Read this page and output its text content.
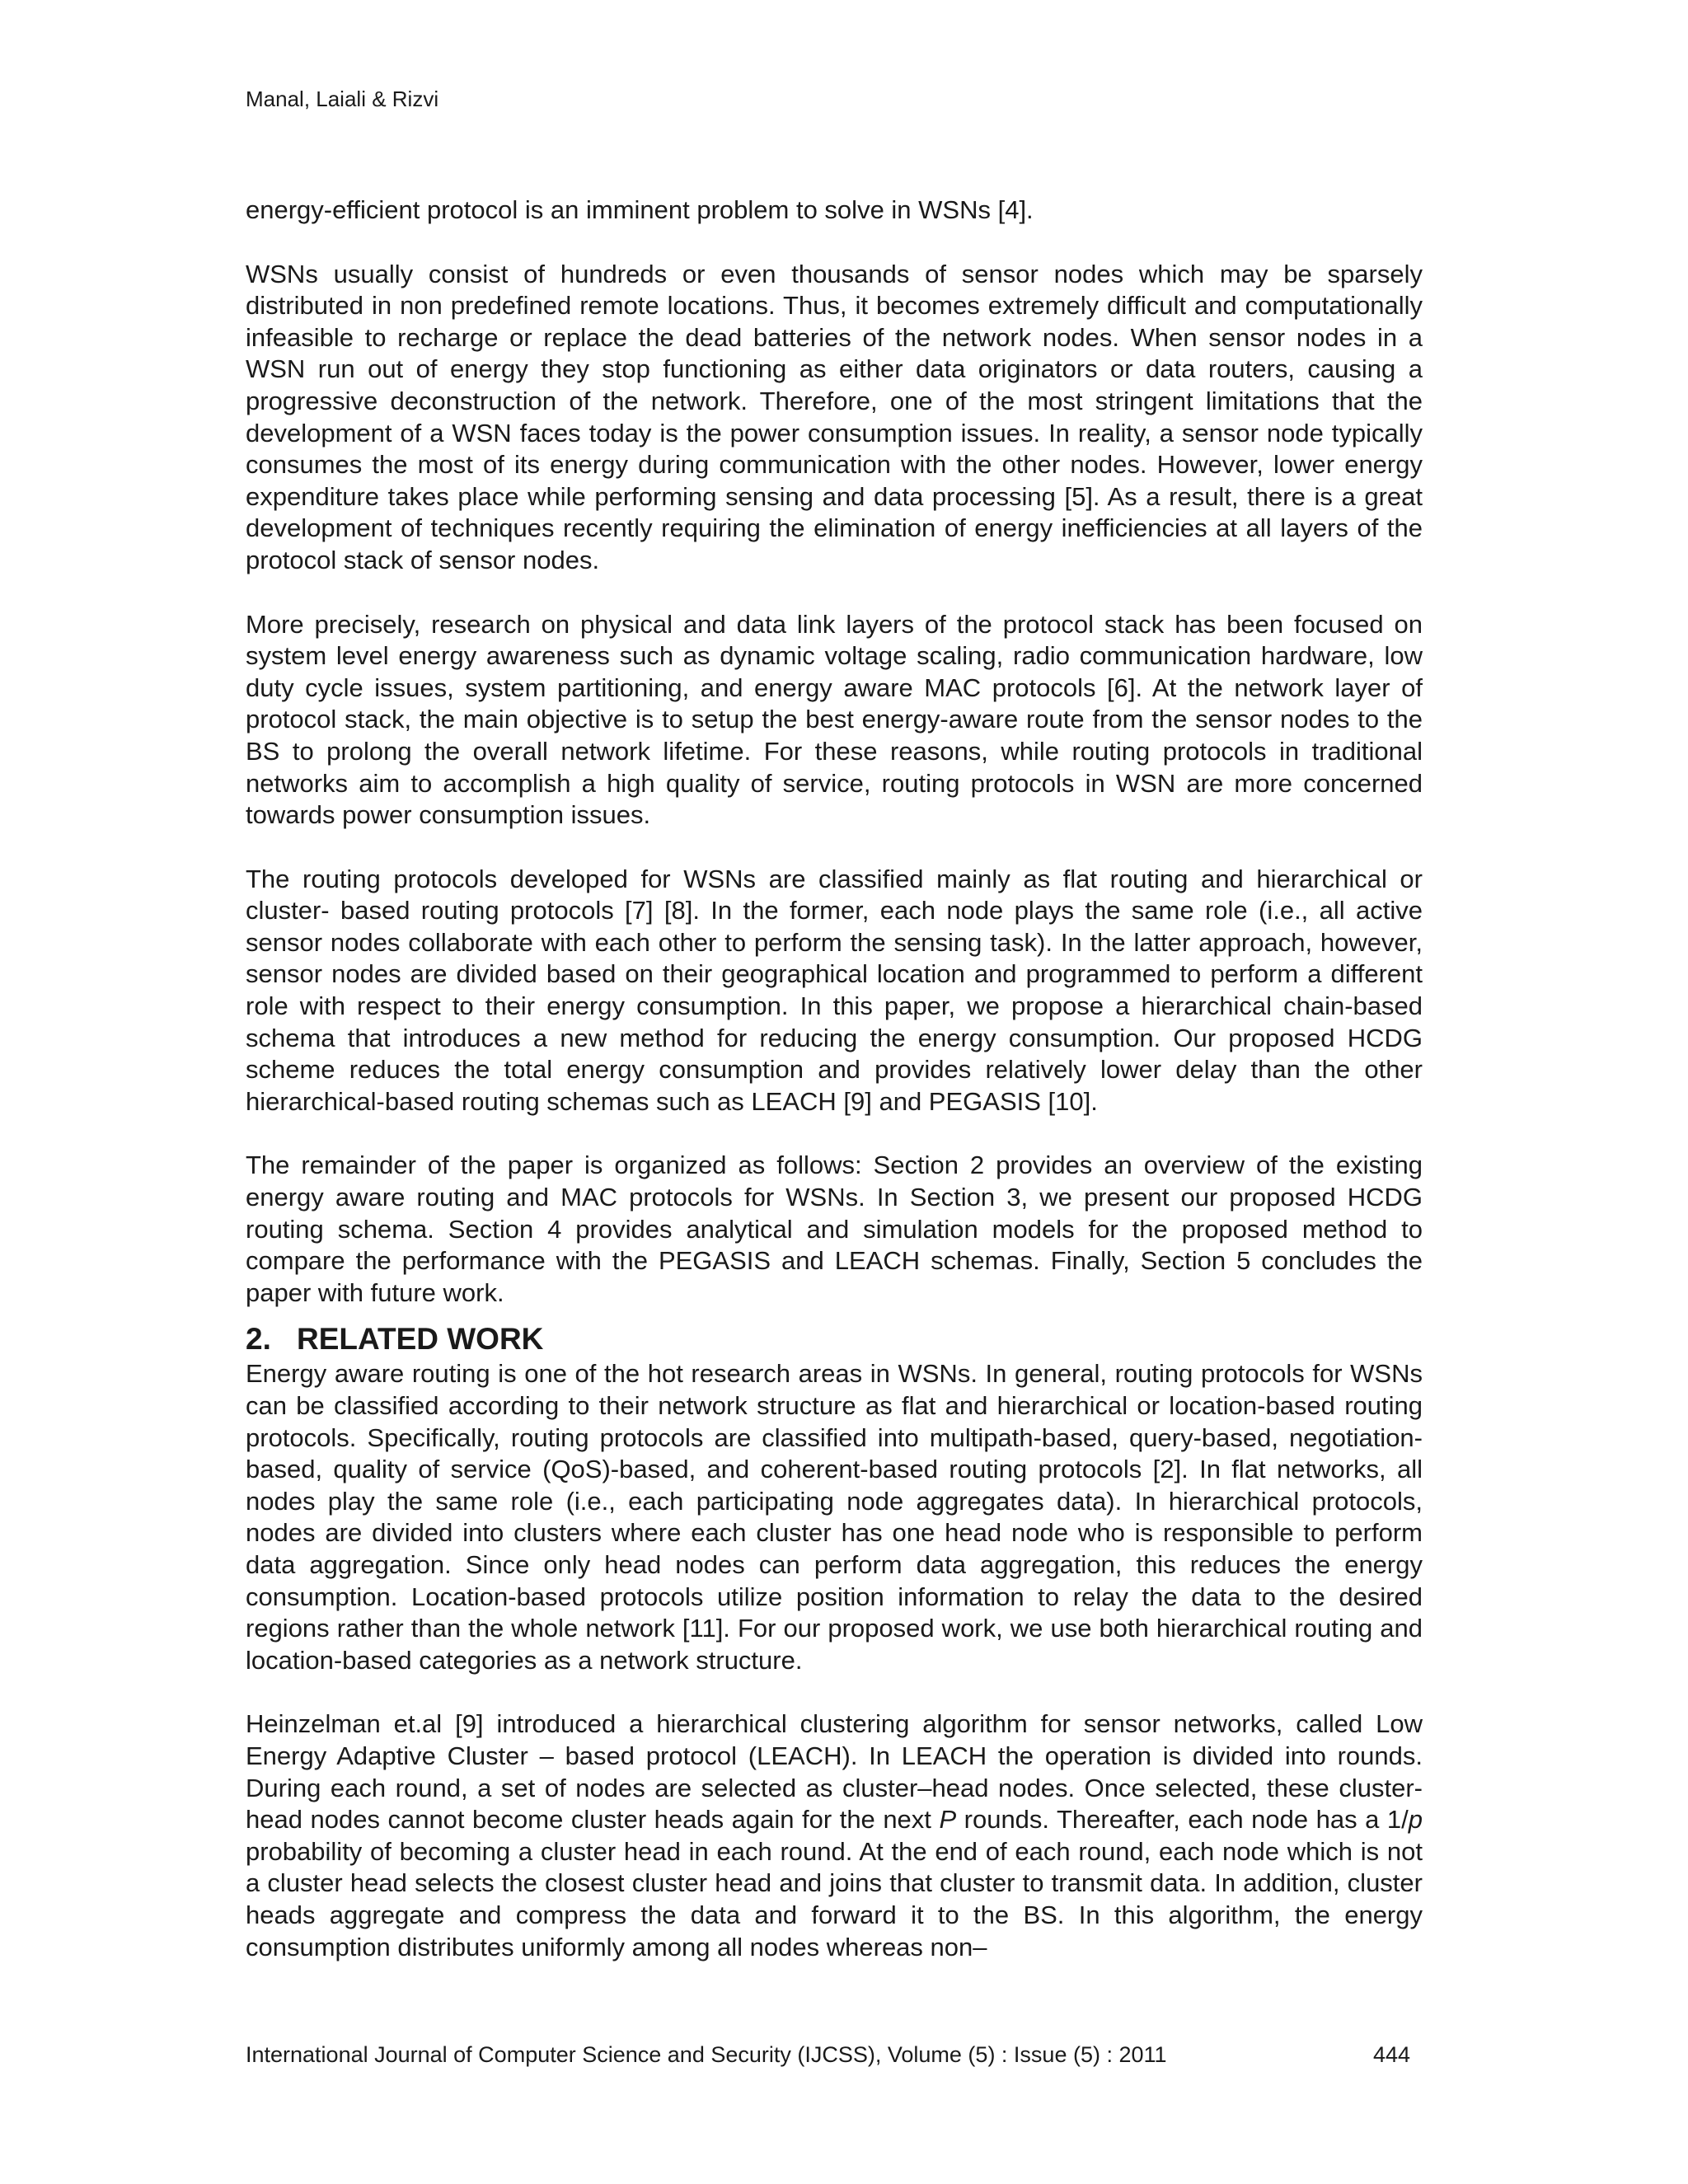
Manal, Laiali & Rizvi

energy-efficient protocol is an imminent problem to solve in WSNs [4].

WSNs usually consist of hundreds or even thousands of sensor nodes which may be sparsely distributed in non predefined remote locations. Thus, it becomes extremely difficult and computationally infeasible to recharge or replace the dead batteries of the network nodes. When sensor nodes in a WSN run out of energy they stop functioning as either data originators or data routers, causing a progressive deconstruction of the network. Therefore, one of the most stringent limitations that the development of a WSN faces today is the power consumption issues. In reality, a sensor node typically consumes the most of its energy during communication with the other nodes. However, lower energy expenditure takes place while performing sensing and data processing [5]. As a result, there is a great development of techniques recently requiring the elimination of energy inefficiencies at all layers of the protocol stack of sensor nodes.

More precisely, research on physical and data link layers of the protocol stack has been focused on system level energy awareness such as dynamic voltage scaling, radio communication hardware, low duty cycle issues, system partitioning, and energy aware MAC protocols [6]. At the network layer of protocol stack, the main objective is to setup the best energy-aware route from the sensor nodes to the BS to prolong the overall network lifetime. For these reasons, while routing protocols in traditional networks aim to accomplish a high quality of service, routing protocols in WSN are more concerned towards power consumption issues.

The routing protocols developed for WSNs are classified mainly as flat routing and hierarchical or cluster- based routing protocols [7] [8]. In the former, each node plays the same role (i.e., all active sensor nodes collaborate with each other to perform the sensing task). In the latter approach, however, sensor nodes are divided based on their geographical location and programmed to perform a different role with respect to their energy consumption. In this paper, we propose a hierarchical chain-based schema that introduces a new method for reducing the energy consumption. Our proposed HCDG scheme reduces the total energy consumption and provides relatively lower delay than the other hierarchical-based routing schemas such as LEACH [9] and PEGASIS [10].

The remainder of the paper is organized as follows: Section 2 provides an overview of the existing energy aware routing and MAC protocols for WSNs. In Section 3, we present our proposed HCDG routing schema. Section 4 provides analytical and simulation models for the proposed method to compare the performance with the PEGASIS and LEACH schemas. Finally, Section 5 concludes the paper with future work.

2. RELATED WORK

Energy aware routing is one of the hot research areas in WSNs. In general, routing protocols for WSNs can be classified according to their network structure as flat and hierarchical or location-based routing protocols. Specifically, routing protocols are classified into multipath-based, query-based, negotiation-based, quality of service (QoS)-based, and coherent-based routing protocols [2]. In flat networks, all nodes play the same role (i.e., each participating node aggregates data). In hierarchical protocols, nodes are divided into clusters where each cluster has one head node who is responsible to perform data aggregation. Since only head nodes can perform data aggregation, this reduces the energy consumption. Location-based protocols utilize position information to relay the data to the desired regions rather than the whole network [11]. For our proposed work, we use both hierarchical routing and location-based categories as a network structure.

Heinzelman et.al [9] introduced a hierarchical clustering algorithm for sensor networks, called Low Energy Adaptive Cluster – based protocol (LEACH). In LEACH the operation is divided into rounds. During each round, a set of nodes are selected as cluster–head nodes. Once selected, these cluster-head nodes cannot become cluster heads again for the next P rounds. Thereafter, each node has a 1/p probability of becoming a cluster head in each round. At the end of each round, each node which is not a cluster head selects the closest cluster head and joins that cluster to transmit data. In addition, cluster heads aggregate and compress the data and forward it to the BS. In this algorithm, the energy consumption distributes uniformly among all nodes whereas non–

International Journal of Computer Science and Security (IJCSS), Volume (5) : Issue (5) : 2011	444
